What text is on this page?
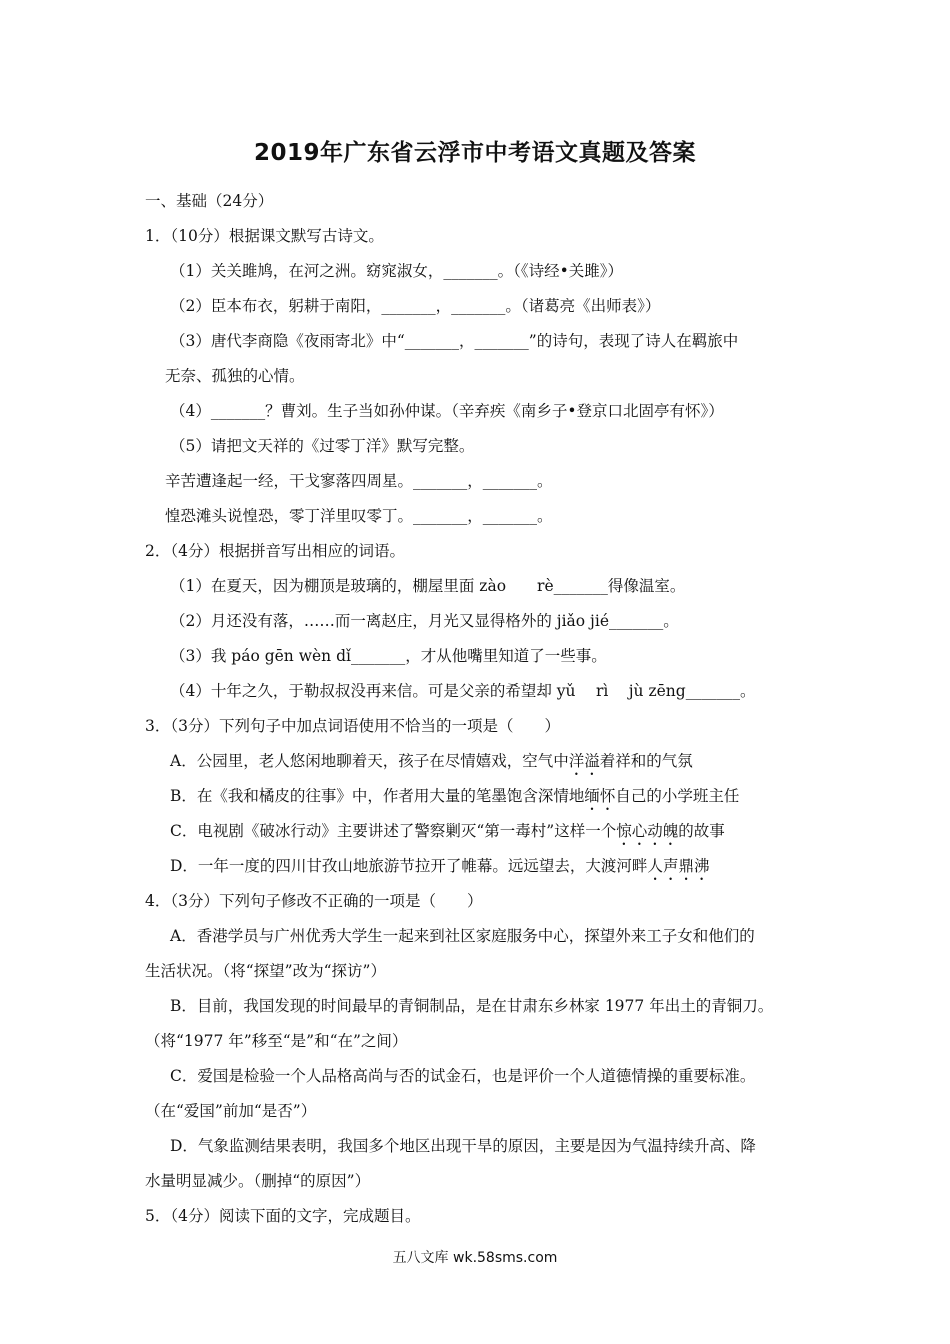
2019年广东省云浮市中考语文真题及答案
一、基础（24分）
1．（10分）根据课文默写古诗文。
（1）关关雎鸠，在河之洲。窈窕淑女，_______。（《诗经•关雎》）
（2）臣本布衣，躬耕于南阳，_______，_______。（诸葛亮《出师表》）
（3）唐代李商隐《夜雨寄北》中“_______，_______”的诗句，表现了诗人在羁旅中
无奈、孤独的心情。
（4）_______？曹刘。生子当如孙仲谋。（辛弃疾《南乡子•登京口北固亭有怀》）
（5）请把文天祥的《过零丁洋》默写完整。
辛苦遭逢起一经，干戈寥落四周星。_______，_______。
惶恐滩头说惶恐，零丁洋里叹零丁。_______，_______。
2．（4分）根据拼音写出相应的词语。
（1）在夏天，因为棚顶是玻璃的，棚屋里面 zào　　rè_______得像温室。
（2）月还没有落，……而一离赵庄，月光又显得格外的 jiǎo jié_______。
（3）我 páo gēn wèn dǐ_______，才从他嘴里知道了一些事。
（4）十年之久，于勒叔叔没再来信。可是父亲的希望却 yǔ　 rì　 jù zēng_______。
3．（3分）下列句子中加点词语使用不恰当的一项是（　　）
A．公园里，老人悠闲地聊着天，孩子在尽情嬉戏，空气中洋溢着祥和的气氛
B．在《我和橘皮的往事》中，作者用大量的笔墨饱含深情地缅怀自己的小学班主任
C．电视剧《破冰行动》主要讲述了警察剿灭“第一毒村”这样一个惊心动魄的故事
D．一年一度的四川甘孜山地旅游节拉开了帷幕。远远望去，大渡河畔人声鼎沸
4．（3分）下列句子修改不正确的一项是（　　）
A．香港学员与广州优秀大学生一起来到社区家庭服务中心，探望外来工子女和他们的
生活状况。（将“探望”改为“探访”）
B．目前，我国发现的时间最早的青铜制品，是在甘肃东乡林家 1977 年出土的青铜刀。
（将“1977 年”移至“是”和“在”之间）
C．爱国是检验一个人品格高尚与否的试金石，也是评价一个人道德情操的重要标准。
（在“爱国”前加“是否”）
D．气象监测结果表明，我国多个地区出现干旱的原因，主要是因为气温持续升高、降
水量明显减少。（删掉“的原因”）
5．（4分）阅读下面的文字，完成题目。
五八文库 wk.58sms.com
